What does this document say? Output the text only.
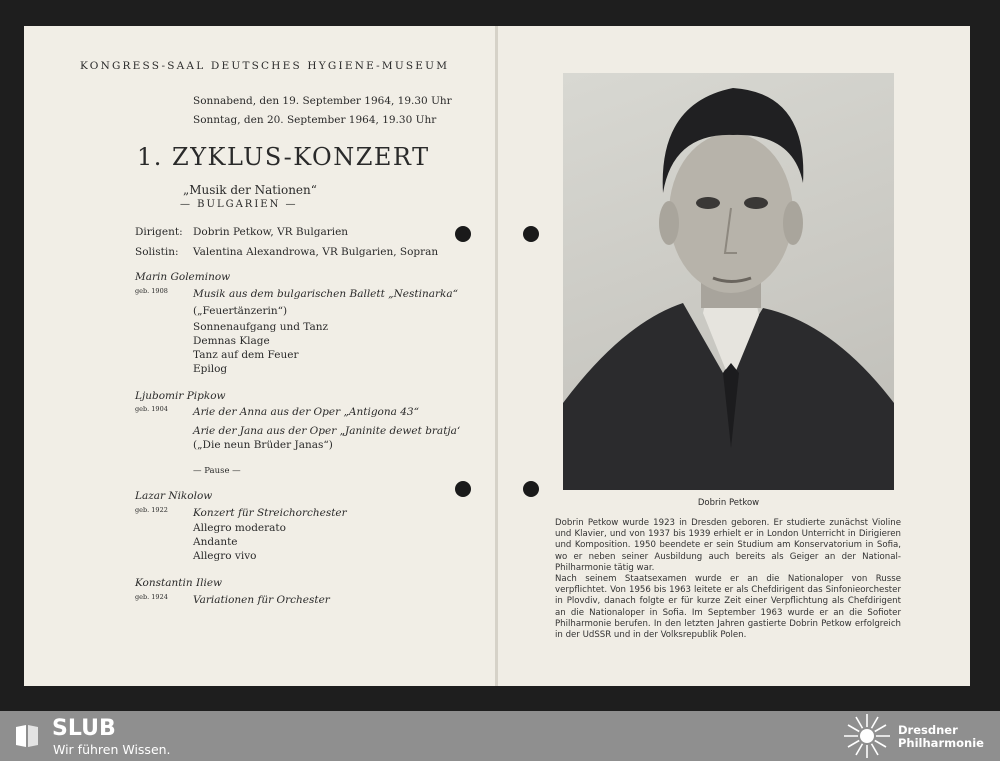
KONGRESS-SAAL DEUTSCHES HYGIENE-MUSEUM
Sonnabend, den 19. September 1964, 19.30 Uhr
Sonntag, den 20. September 1964, 19.30 Uhr
1. ZYKLUS-KONZERT
„Musik der Nationen“
— BULGARIEN —
Dirigent: Dobrin Petkow, VR Bulgarien
Solistin: Valentina Alexandrowa, VR Bulgarien, Sopran
Marin Goleminow
geb. 1908 Musik aus dem bulgarischen Ballett „Nestinarka“
(„Feuertänzerin“)
Sonnenaufgang und Tanz
Demnas Klage
Tanz auf dem Feuer
Epilog
Ljubomir Pipkow
geb. 1904 Arie der Anna aus der Oper „Antigona 43“
Arie der Jana aus der Oper „Janinite dewet bratja‘
(„Die neun Brüder Janas“)
— Pause —
Lazar Nikolow
geb. 1922 Konzert für Streichorchester
Allegro moderato
Andante
Allegro vivo
Konstantin Iliew
geb. 1924 Variationen für Orchester
Dobrin Petkow
Dobrin Petkow wurde 1923 in Dresden geboren. Er studierte zunächst Violine und Klavier, und von 1937 bis 1939 erhielt er in London Unterricht in Dirigieren und Komposition. 1950 beendete er sein Studium am Konservatorium in Sofia, wo er neben seiner Ausbildung auch bereits als Geiger an der National-Philharmonie tätig war.
Nach seinem Staatsexamen wurde er an die Nationaloper von Russe verpflichtet. Von 1956 bis 1963 leitete er als Chefdirigent das Sinfonieorchester in Plovdiv, danach folgte er für kurze Zeit einer Verpflichtung als Chefdirigent an die Nationaloper in Sofia. Im September 1963 wurde er an die Sofioter Philharmonie berufen. In den letzten Jahren gastierte Dobrin Petkow erfolgreich in der UdSSR und in der Volksrepublik Polen.
SLUB
Wir führen Wissen.
Dresdner
Philharmonie
